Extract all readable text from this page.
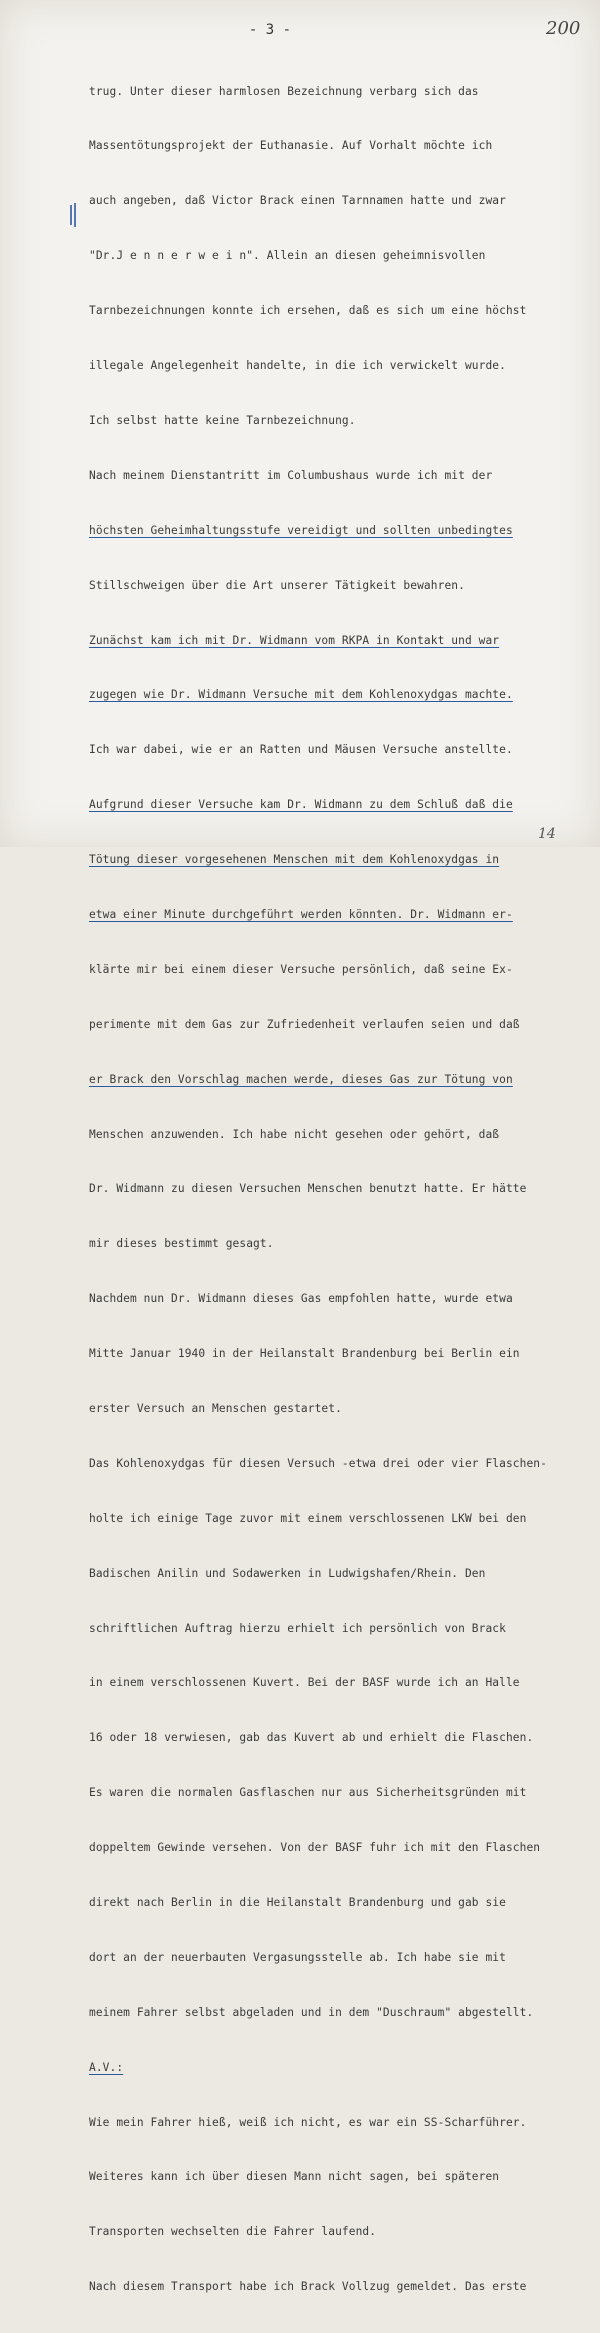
- 3 -	200

trug. Unter dieser harmlosen Bezeichnung verbarg sich das

Massentötungsprojekt der Euthanasie. Auf Vorhalt möchte ich

auch angeben, daß Victor Brack einen Tarnnamen hatte und zwar

"Dr.J e n n e r w e i n". Allein an diesen geheimnisvollen

Tarnbezeichnungen konnte ich ersehen, daß es sich um eine höchst

illegale Angelegenheit handelte, in die ich verwickelt wurde.

Ich selbst hatte keine Tarnbezeichnung.

Nach meinem Dienstantritt im Columbushaus wurde ich mit der

höchsten Geheimhaltungsstufe vereidigt und sollten unbedingtes

Stillschweigen über die Art unserer Tätigkeit bewahren.

Zunächst kam ich mit Dr. Widmann vom RKPA in Kontakt und war

zugegen wie Dr. Widmann Versuche mit dem Kohlenoxydgas machte.

Ich war dabei, wie er an Ratten und Mäusen Versuche anstellte.

Aufgrund dieser Versuche kam Dr. Widmann zu dem Schluß daß die

Tötung dieser vorgesehenen Menschen mit dem Kohlenoxydgas in

etwa einer Minute durchgeführt werden könnten. Dr. Widmann er-

klärte mir bei einem dieser Versuche persönlich, daß seine Ex-

perimente mit dem Gas zur Zufriedenheit verlaufen seien und daß

er Brack den Vorschlag machen werde, dieses Gas zur Tötung von

Menschen anzuwenden. Ich habe nicht gesehen oder gehört, daß

Dr. Widmann zu diesen Versuchen Menschen benutzt hatte. Er hätte

mir dieses bestimmt gesagt.

Nachdem nun Dr. Widmann dieses Gas empfohlen hatte, wurde etwa

Mitte Januar 1940 in der Heilanstalt Brandenburg bei Berlin ein

erster Versuch an Menschen gestartet.

Das Kohlenoxydgas für diesen Versuch -etwa drei oder vier Flaschen-

holte ich einige Tage zuvor mit einem verschlossenen LKW bei den

Badischen Anilin und Sodawerken in Ludwigshafen/Rhein. Den

schriftlichen Auftrag hierzu erhielt ich persönlich von Brack

in einem verschlossenen Kuvert. Bei der BASF wurde ich an Halle

16 oder 18 verwiesen, gab das Kuvert ab und erhielt die Flaschen.

Es waren die normalen Gasflaschen nur aus Sicherheitsgründen mit

doppeltem Gewinde versehen. Von der BASF fuhr ich mit den Flaschen

direkt nach Berlin in die Heilanstalt Brandenburg und gab sie

dort an der neuerbauten Vergasungsstelle ab. Ich habe sie mit

meinem Fahrer selbst abgeladen und in dem "Duschraum" abgestellt.

A.V.:

Wie mein Fahrer hieß, weiß ich nicht, es war ein SS-Scharführer.

Weiteres kann ich über diesen Mann nicht sagen, bei späteren

Transporten wechselten die Fahrer laufend.

Nach diesem Transport habe ich Brack Vollzug gemeldet. Das erste

14
